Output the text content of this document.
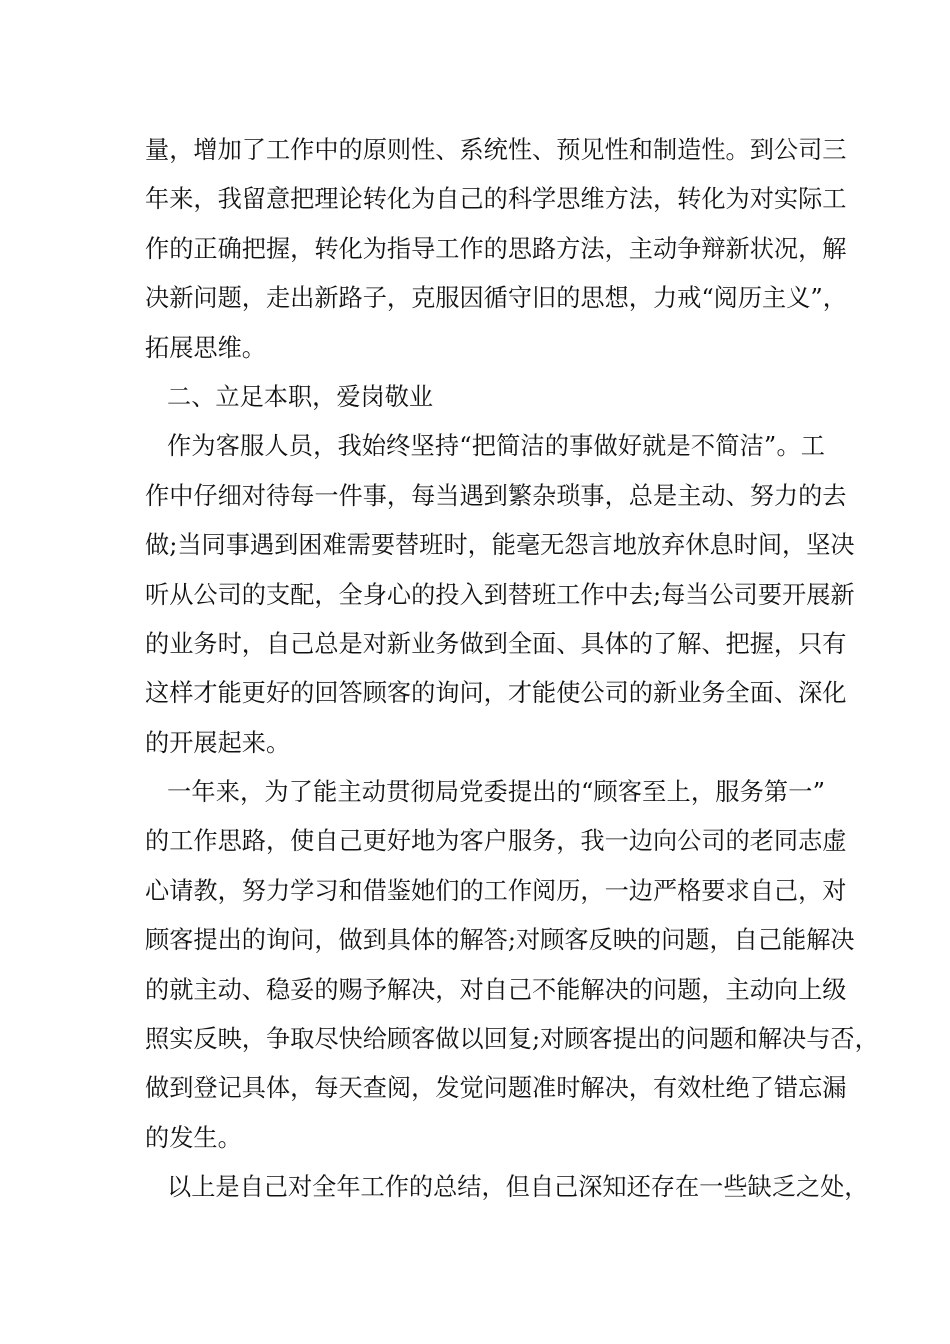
量，增加了工作中的原则性、系统性、预见性和制造性。到公司三
年来，我留意把理论转化为自己的科学思维方法，转化为对实际工
作的正确把握，转化为指导工作的思路方法，主动争辩新状况，解
决新问题，走出新路子，克服因循守旧的思想，力戒“阅历主义”，
拓展思维。
二、立足本职，爱岗敬业
作为客服人员，我始终坚持“把简洁的事做好就是不简洁”。工
作中仔细对待每一件事，每当遇到繁杂琐事，总是主动、努力的去
做;当同事遇到困难需要替班时，能毫无怨言地放弃休息时间，坚决
听从公司的支配，全身心的投入到替班工作中去;每当公司要开展新
的业务时，自己总是对新业务做到全面、具体的了解、把握，只有
这样才能更好的回答顾客的询问，才能使公司的新业务全面、深化
的开展起来。
一年来，为了能主动贯彻局党委提出的“顾客至上，服务第一”
的工作思路，使自己更好地为客户服务，我一边向公司的老同志虚
心请教，努力学习和借鉴她们的工作阅历，一边严格要求自己，对
顾客提出的询问，做到具体的解答;对顾客反映的问题，自己能解决
的就主动、稳妥的赐予解决，对自己不能解决的问题，主动向上级
照实反映，争取尽快给顾客做以回复;对顾客提出的问题和解决与否，
做到登记具体，每天查阅，发觉问题准时解决，有效杜绝了错忘漏
的发生。
以上是自己对全年工作的总结，但自己深知还存在一些缺乏之处，
